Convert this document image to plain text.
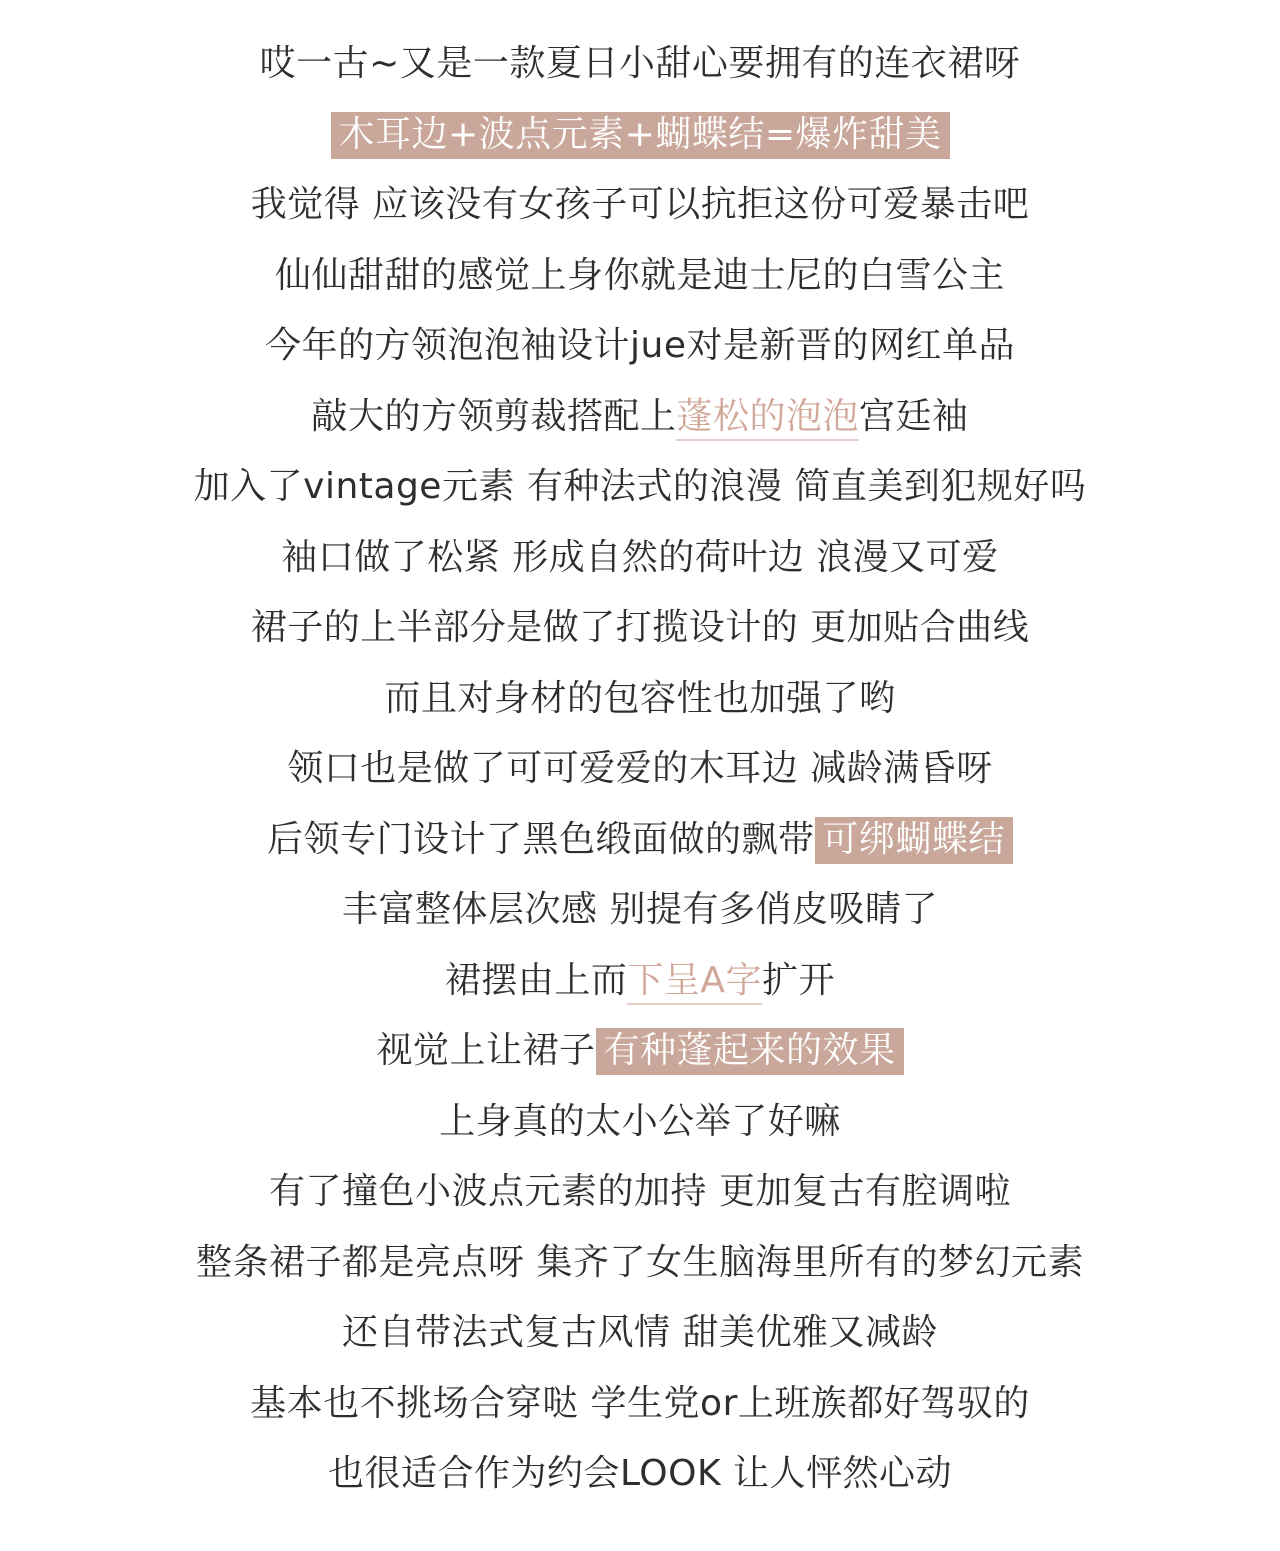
哎一古~又是一款夏日小甜心要拥有的连衣裙呀
木耳边+波点元素+蝴蝶结=爆炸甜美
我觉得 应该没有女孩子可以抗拒这份可爱暴击吧
仙仙甜甜的感觉上身你就是迪士尼的白雪公主
今年的方领泡泡袖设计jue对是新晋的网红单品
敲大的方领剪裁搭配上蓬松的泡泡宫廷袖
加入了vintage元素 有种法式的浪漫 简直美到犯规好吗
袖口做了松紧 形成自然的荷叶边 浪漫又可爱
裙子的上半部分是做了打揽设计的 更加贴合曲线
而且对身材的包容性也加强了哟
领口也是做了可可爱爱的木耳边 减龄满昏呀
后领专门设计了黑色缎面做的飘带 可绑蝴蝶结
丰富整体层次感 别提有多俏皮吸睛了
裙摆由上而下呈A字扩开
视觉上让裙子 有种蓬起来的效果
上身真的太小公举了好嘛
有了撞色小波点元素的加持 更加复古有腔调啦
整条裙子都是亮点呀 集齐了女生脑海里所有的梦幻元素
还自带法式复古风情 甜美优雅又减龄
基本也不挑场合穿哒 学生党or上班族都好驾驭的
也很适合作为约会LOOK 让人怦然心动
